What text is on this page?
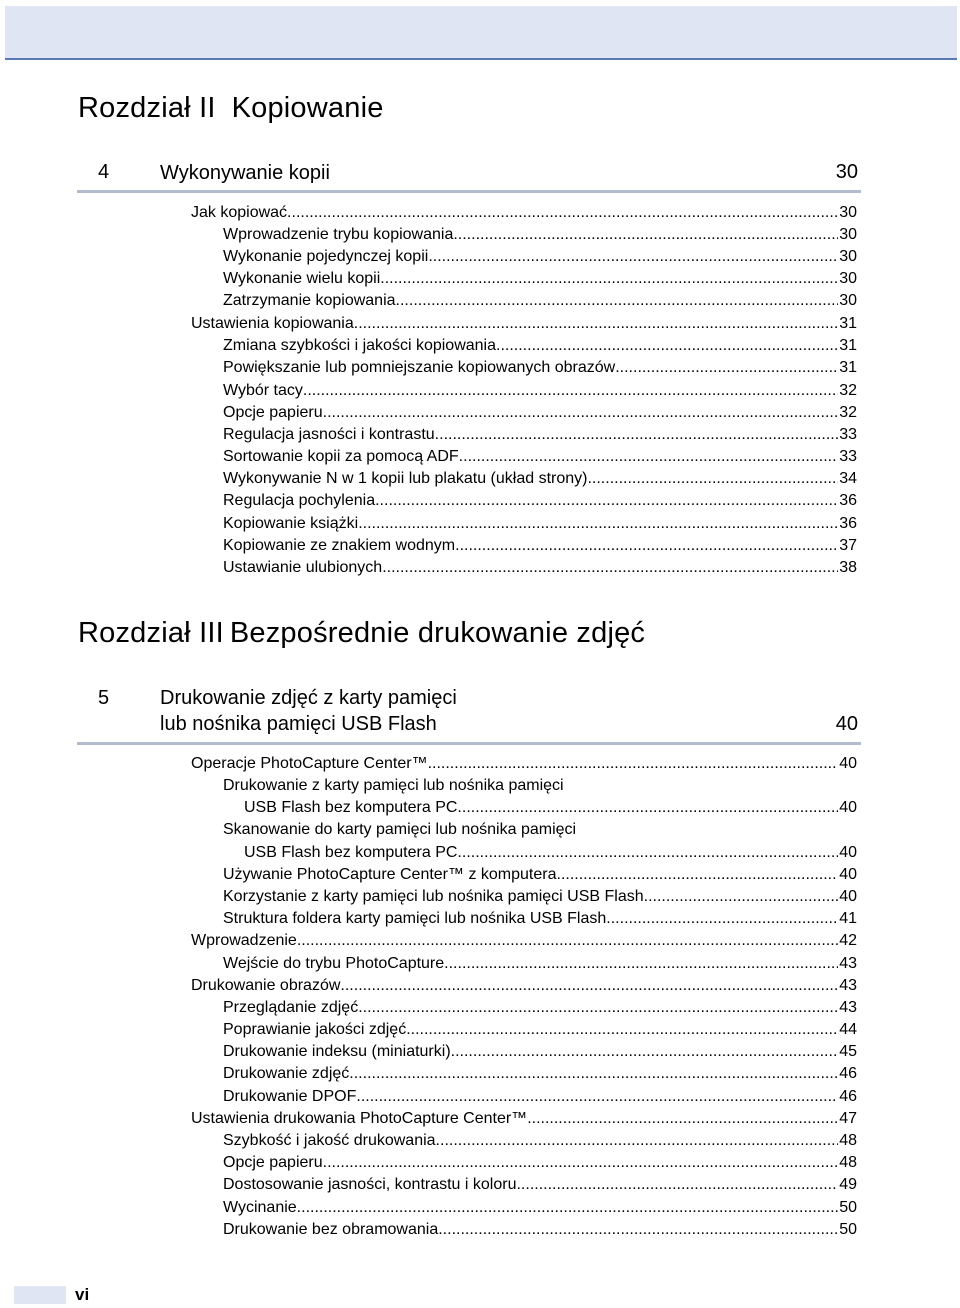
Rozdział II Kopiowanie
4	Wykonywanie kopii	30
Jak kopiować .....	30
Wprowadzenie trybu kopiowania .....	30
Wykonanie pojedynczej kopii .....	30
Wykonanie wielu kopii .....	30
Zatrzymanie kopiowania .....	30
Ustawienia kopiowania .....	31
Zmiana szybkości i jakości kopiowania .....	31
Powiększanie lub pomniejszanie kopiowanych obrazów .....	31
Wybór tacy .....	32
Opcje papieru .....	32
Regulacja jasności i kontrastu .....	33
Sortowanie kopii za pomocą ADF .....	33
Wykonywanie N w 1 kopii lub plakatu (układ strony) .....	34
Regulacja pochylenia .....	36
Kopiowanie książki .....	36
Kopiowanie ze znakiem wodnym .....	37
Ustawianie ulubionych .....	38
Rozdział III Bezpośrednie drukowanie zdjęć
5	Drukowanie zdjęć z karty pamięci
lub nośnika pamięci USB Flash	40
Operacje PhotoCapture Center™ .....	40
Drukowanie z karty pamięci lub nośnika pamięci
USB Flash bez komputera PC .....	40
Skanowanie do karty pamięci lub nośnika pamięci
USB Flash bez komputera PC .....	40
Używanie PhotoCapture Center™ z komputera .....	40
Korzystanie z karty pamięci lub nośnika pamięci USB Flash .....	40
Struktura foldera karty pamięci lub nośnika USB Flash .....	41
Wprowadzenie .....	42
Wejście do trybu PhotoCapture .....	43
Drukowanie obrazów .....	43
Przeglądanie zdjęć .....	43
Poprawianie jakości zdjęć .....	44
Drukowanie indeksu (miniaturki) .....	45
Drukowanie zdjęć .....	46
Drukowanie DPOF .....	46
Ustawienia drukowania PhotoCapture Center™ .....	47
Szybkość i jakość drukowania .....	48
Opcje papieru .....	48
Dostosowanie jasności, kontrastu i koloru .....	49
Wycinanie .....	50
Drukowanie bez obramowania .....	50
vi
